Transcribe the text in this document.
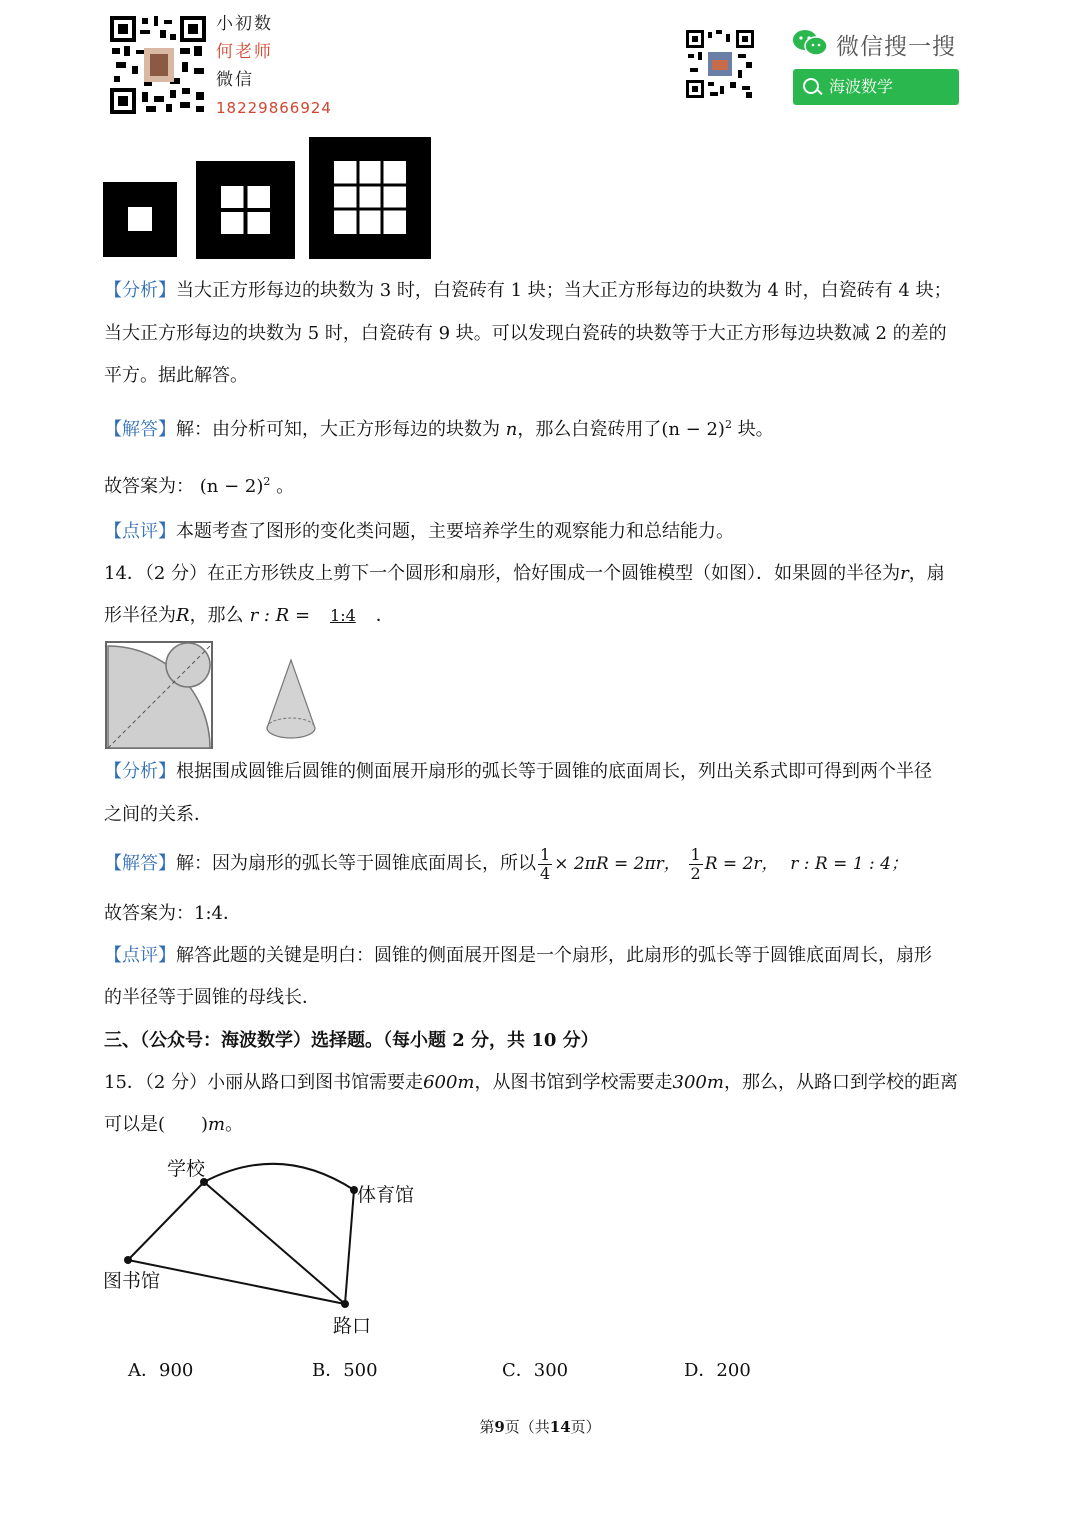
小初数
何老师
微信
18229866924
微信搜一搜
海波数学
【分析】当大正方形每边的块数为 3 时，白瓷砖有 1 块；当大正方形每边的块数为 4 时，白瓷砖有 4 块；
当大正方形每边的块数为 5 时，白瓷砖有 9 块。可以发现白瓷砖的块数等于大正方形每边块数减 2 的差的
平方。据此解答。
【解答】解：由分析可知，大正方形每边的块数为 n，那么白瓷砖用了$(n - 2)^2$ 块。
故答案为： $(n - 2)^2$ 。
【点评】本题考查了图形的变化类问题，主要培养学生的观察能力和总结能力。
14．（2 分）在正方形铁皮上剪下一个圆形和扇形，恰好围成一个圆锥模型（如图）．如果圆的半径为r，扇
形半径为R，那么 r : R = 1:4 ．
【分析】根据围成圆锥后圆锥的侧面展开扇形的弧长等于圆锥的底面周长，列出关系式即可得到两个半径
之间的关系．
【解答】解：因为扇形的弧长等于圆锥底面周长，所以 $\frac{1}{4} \times 2\pi R = 2\pi r$， $\frac{1}{2}$ R = 2r， r : R = 1 : 4；
故答案为：1:4．
【点评】解答此题的关键是明白：圆锥的侧面展开图是一个扇形，此扇形的弧长等于圆锥底面周长，扇形
的半径等于圆锥的母线长．
三、（公众号：海波数学）选择题。（每小题 2 分，共 10 分）
15．（2 分）小丽从路口到图书馆需要走600m，从图书馆到学校需要走300m，那么，从路口到学校的距离
可以是(　　)m。
学校
体育馆
图书馆
路口
A．900	B．500	C．300	D．200
第9页（共14页）
